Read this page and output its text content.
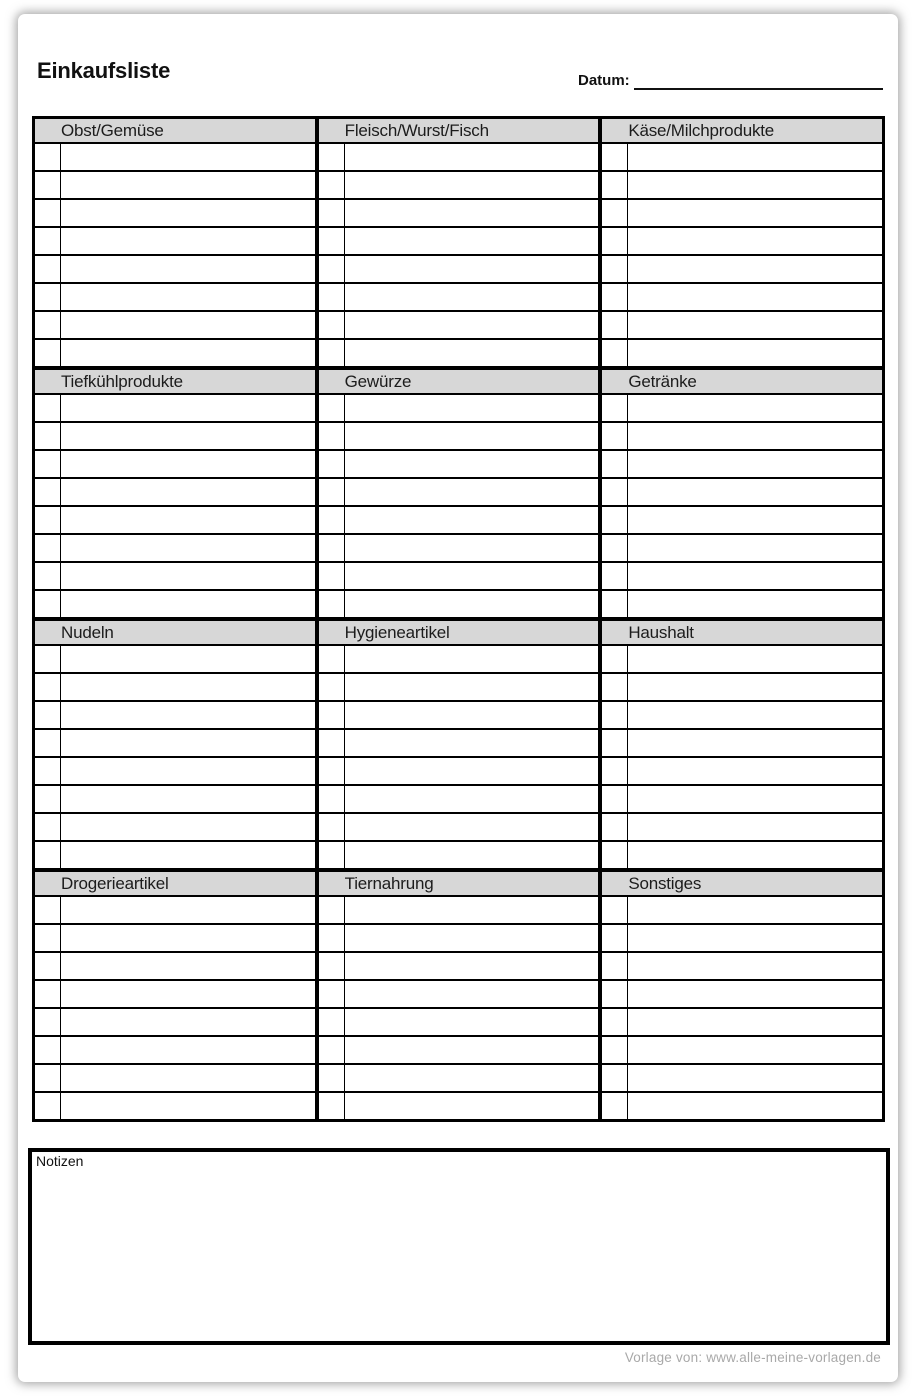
Einkaufsliste	Datum:
Obst/Gemüse	Fleisch/Wurst/Fisch	Käse/Milchprodukte
Tiefkühlprodukte	Gewürze	Getränke
Nudeln	Hygieneartikel	Haushalt
Drogerieartikel	Tiernahrung	Sonstiges
Notizen
Vorlage von: www.alle-meine-vorlagen.de
